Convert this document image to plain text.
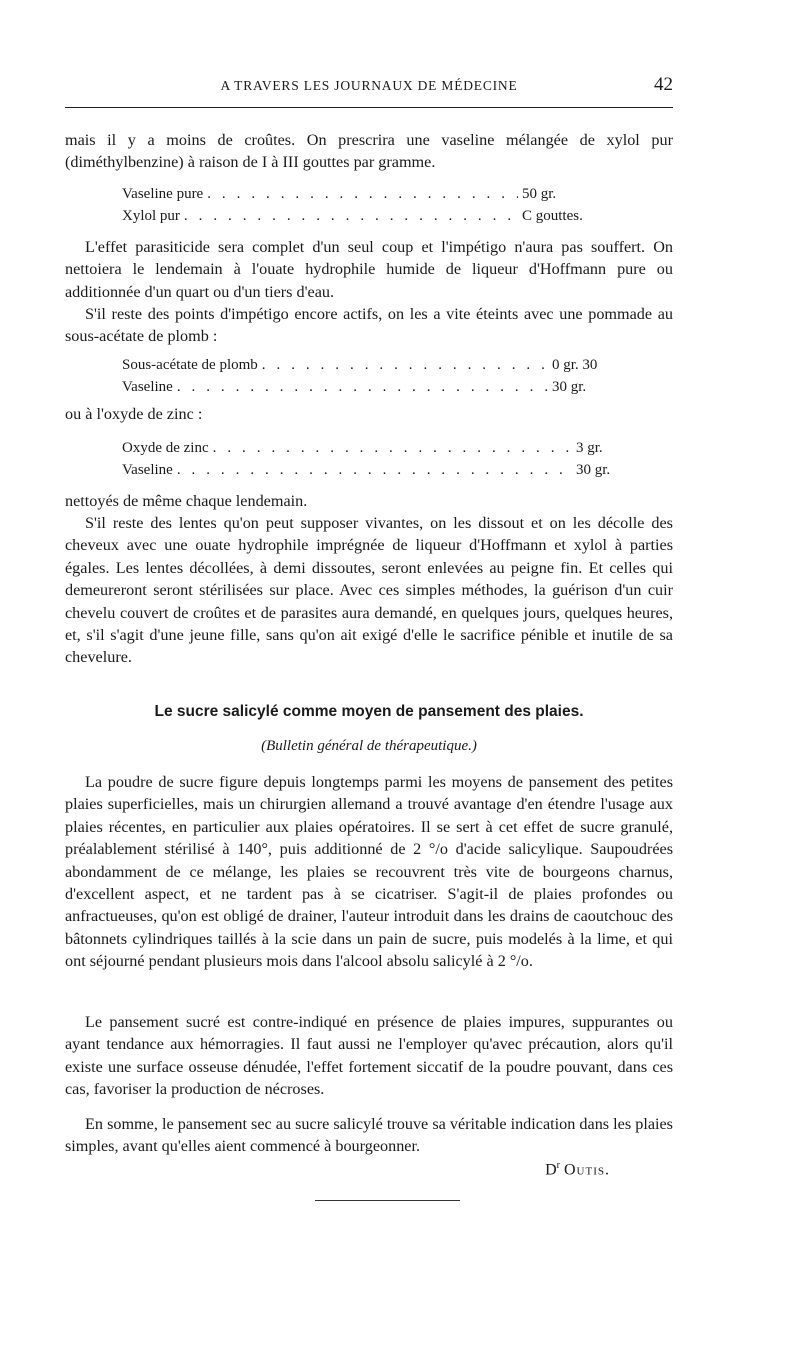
A TRAVERS LES JOURNAUX DE MÉDECINE	42

mais il y a moins de croûtes. On prescrira une vaseline mélangée de xylol pur (diméthylbenzine) à raison de I à III gouttes par gramme.

Vaseline pure . . .	50 gr.
Xylol pur . . .	C gouttes.

L'effet parasiticide sera complet d'un seul coup et l'impétigo n'aura pas souffert. On nettoiera le lendemain à l'ouate hydrophile humide de liqueur d'Hoffmann pure ou additionnée d'un quart ou d'un tiers d'eau.

S'il reste des points d'impétigo encore actifs, on les a vite éteints avec une pommade au sous-acétate de plomb :

Sous-acétate de plomb . . .	0 gr. 30
Vaseline . . .	30 gr.

ou à l'oxyde de zinc :

Oxyde de zinc . . .	3 gr.
Vaseline . . .	30 gr.

nettoyés de même chaque lendemain.

S'il reste des lentes qu'on peut supposer vivantes, on les dissout et on les décolle des cheveux avec une ouate hydrophile imprégnée de liqueur d'Hoffmann et xylol à parties égales. Les lentes décollées, à demi dissoutes, seront enlevées au peigne fin. Et celles qui demeureront seront stérilisées sur place. Avec ces simples méthodes, la guérison d'un cuir chevelu couvert de croûtes et de parasites aura demandé, en quelques jours, quelques heures, et, s'il s'agit d'une jeune fille, sans qu'on ait exigé d'elle le sacrifice pénible et inutile de sa chevelure.

Le sucre salicylé comme moyen de pansement des plaies.
(Bulletin général de thérapeutique.)

La poudre de sucre figure depuis longtemps parmi les moyens de pansement des petites plaies superficielles, mais un chirurgien allemand a trouvé avantage d'en étendre l'usage aux plaies récentes, en particulier aux plaies opératoires. Il se sert à cet effet de sucre granulé, préalablement stérilisé à 140°, puis additionné de 2 °/o d'acide salicylique. Saupoudrées abondamment de ce mélange, les plaies se recouvrent très vite de bourgeons charnus, d'excellent aspect, et ne tardent pas à se cicatriser. S'agit-il de plaies profondes ou anfractueuses, qu'on est obligé de drainer, l'auteur introduit dans les drains de caoutchouc des bâtonnets cylindriques taillés à la scie dans un pain de sucre, puis modelés à la lime, et qui ont séjourné pendant plusieurs mois dans l'alcool absolu salicylé à 2 °/o.

Le pansement sucré est contre-indiqué en présence de plaies impures, suppurantes ou ayant tendance aux hémorragies. Il faut aussi ne l'employer qu'avec précaution, alors qu'il existe une surface osseuse dénudée, l'effet fortement siccatif de la poudre pouvant, dans ces cas, favoriser la production de nécroses.

En somme, le pansement sec au sucre salicylé trouve sa véritable indication dans les plaies simples, avant qu'elles aient commencé à bourgeonner.

$D^r$ Outis.
